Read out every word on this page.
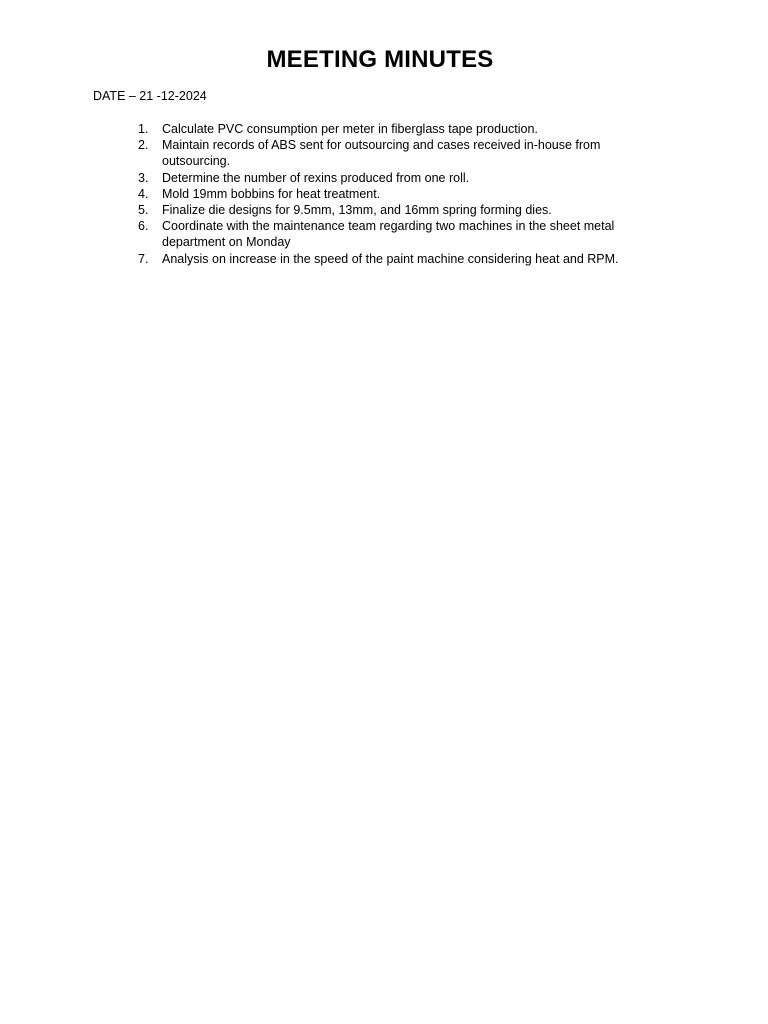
MEETING MINUTES
DATE – 21 -12-2024
1.	Calculate PVC consumption per meter in fiberglass tape production.
2.	Maintain records of ABS sent for outsourcing and cases received in-house from outsourcing.
3.	Determine the number of rexins produced from one roll.
4.	Mold 19mm bobbins for heat treatment.
5.	Finalize die designs for 9.5mm, 13mm, and 16mm spring forming dies.
6.	Coordinate with the maintenance team regarding two machines in the sheet metal department on Monday
7.	Analysis on increase in the speed of the paint machine considering heat and RPM.
